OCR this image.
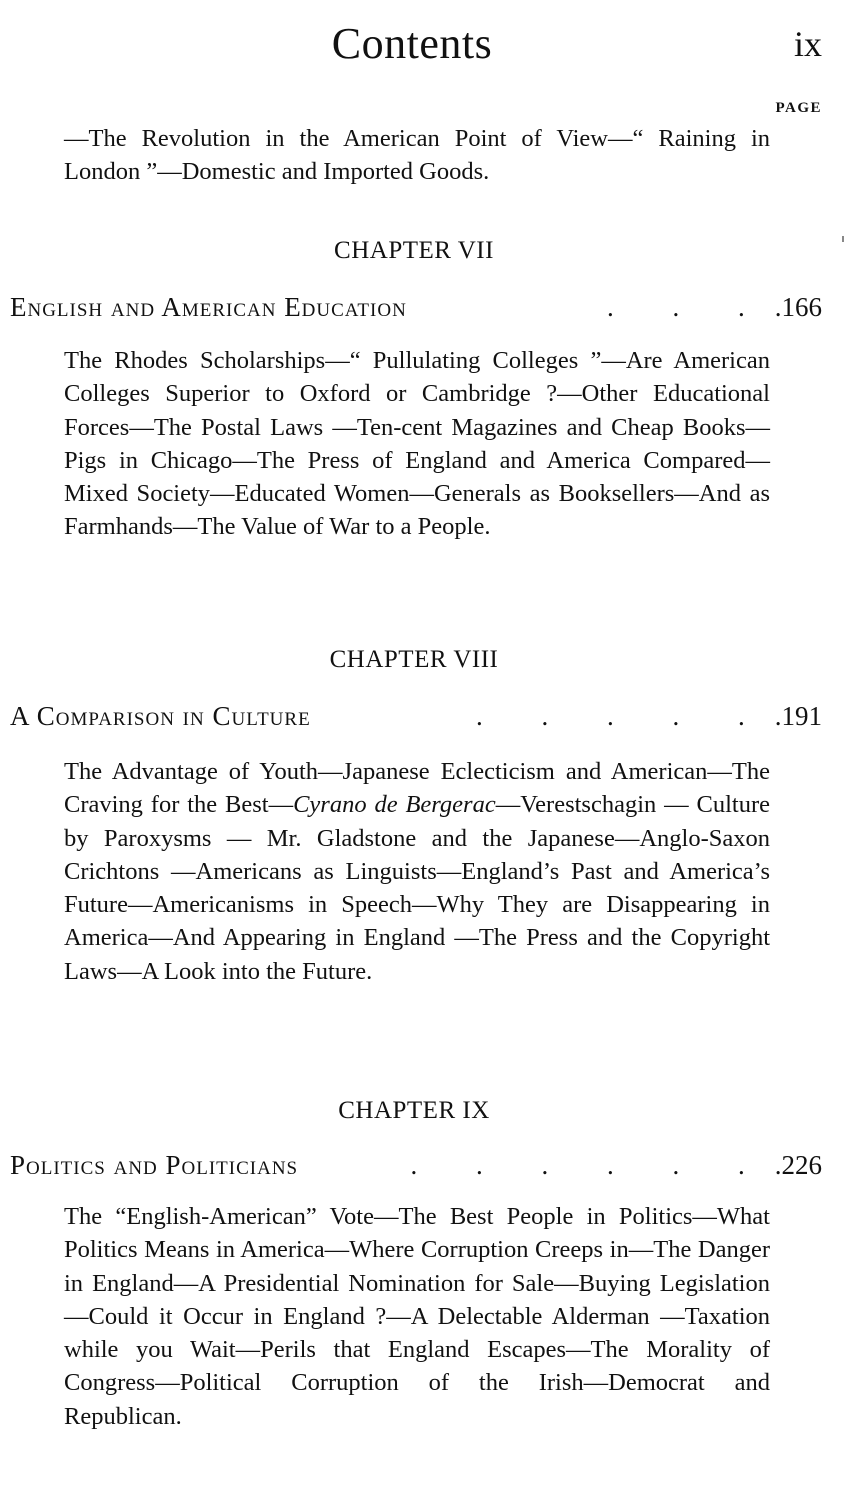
Contents	ix
PAGE
—The Revolution in the American Point of View—“ Raining in London ”—Domestic and Imported Goods.
CHAPTER VII
English and American Education	. . . .166
The Rhodes Scholarships—“ Pullulating Colleges ”—Are American Colleges Superior to Oxford or Cambridge ?—Other Educational Forces—The Postal Laws —Ten-cent Magazines and Cheap Books—Pigs in Chicago—The Press of England and America Compared—Mixed Society—Educated Women—Generals as Booksellers—And as Farmhands—The Value of War to a People.
CHAPTER VIII
A Comparison in Culture	. . . . . .191
The Advantage of Youth—Japanese Eclecticism and American—The Craving for the Best—Cyrano de Bergerac—Verestschagin — Culture by Paroxysms — Mr. Gladstone and the Japanese—Anglo-Saxon Crichtons —Americans as Linguists—England’s Past and America’s Future—Americanisms in Speech—Why They are Disappearing in America—And Appearing in England —The Press and the Copyright Laws—A Look into the Future.
CHAPTER IX
Politics and Politicians	. . . . . . .226
The “English-American” Vote—The Best People in Politics—What Politics Means in America—Where Corruption Creeps in—The Danger in England—A Presidential Nomination for Sale—Buying Legislation —Could it Occur in England ?—A Delectable Alderman —Taxation while you Wait—Perils that England Escapes—The Morality of Congress—Political Corruption of the Irish—Democrat and Republican.
